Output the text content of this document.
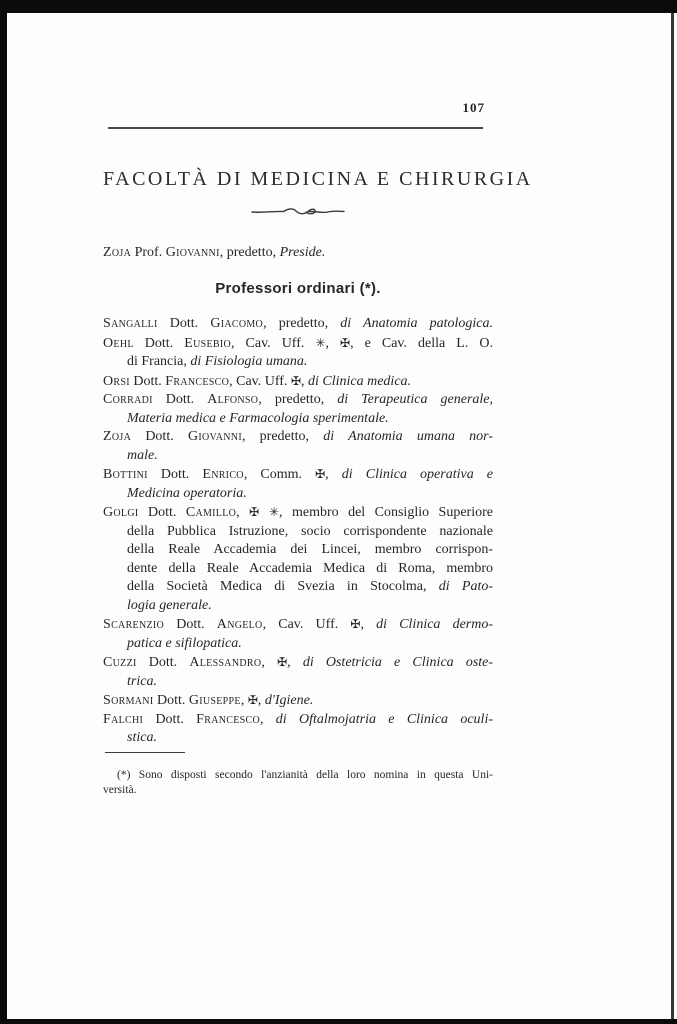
107
FACOLTÀ DI MEDICINA E CHIRURGIA

Zoja Prof. Giovanni, predetto, Preside.

Professori ordinari (*).
Sangalli Dott. Giacomo, predetto, di Anatomia patologica.
Oehl Dott. Eusebio, Cav. Uff. ✳, ✠, e Cav. della L. O.
di Francia, di Fisiologia umana.
Orsi Dott. Francesco, Cav. Uff. ✠, di Clinica medica.
Corradi Dott. Alfonso, predetto, di Terapeutica generale,
Materia medica e Farmacologia sperimentale.
Zoja Dott. Giovanni, predetto, di Anatomia umana nor-
male.
Bottini Dott. Enrico, Comm. ✠, di Clinica operativa e
Medicina operatoria.
Golgi Dott. Camillo, ✠ ✳, membro del Consiglio Superiore
della Pubblica Istruzione, socio corrispondente nazionale
della Reale Accademia dei Lincei, membro corrispon-
dente della Reale Accademia Medica di Roma, membro
della Società Medica di Svezia in Stocolma, di Pato-
logia generale.
Scarenzio Dott. Angelo, Cav. Uff. ✠, di Clinica dermo-
patica e sifilopatica.
Cuzzi Dott. Alessandro, ✠, di Ostetricia e Clinica oste-
trica.
Sormani Dott. Giuseppe, ✠, d'Igiene.
Falchi Dott. Francesco, di Oftalmojatria e Clinica oculi-
stica.
(*) Sono disposti secondo l'anzianità della loro nomina in questa Uni-
versità.
